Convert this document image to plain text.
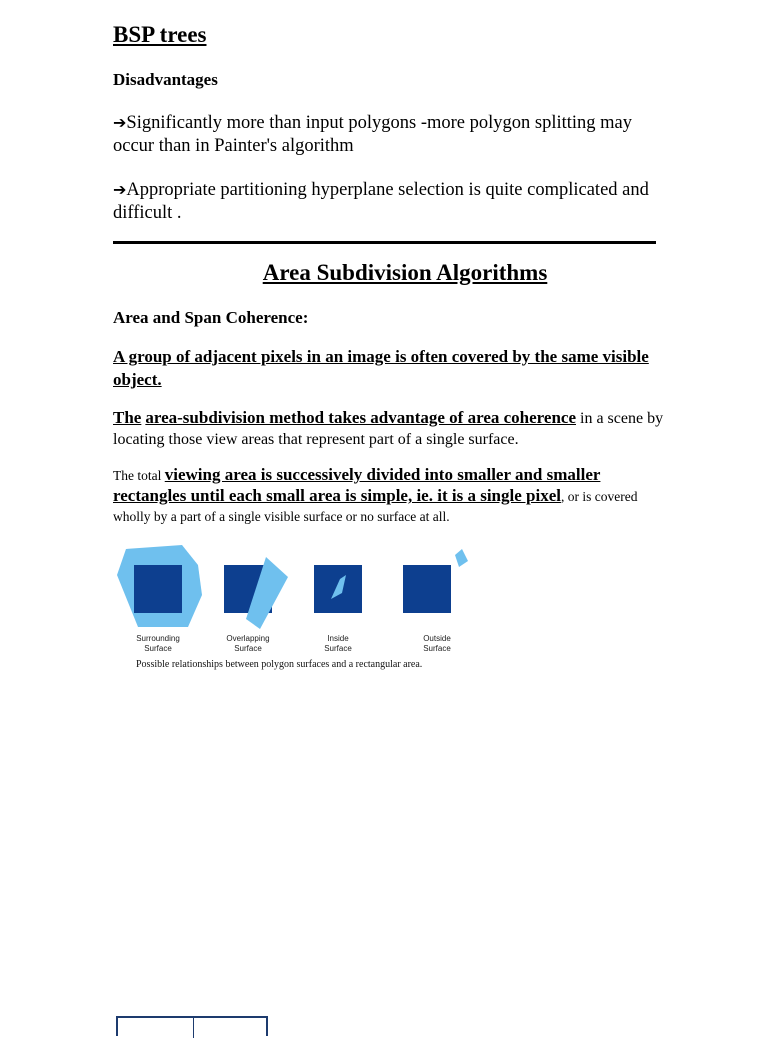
BSP trees
Disadvantages
➔Significantly more than input polygons -more polygon splitting may occur than in Painter's algorithm
➔Appropriate partitioning hyperplane selection is quite complicated and difficult .
Area Subdivision Algorithms
Area and Span Coherence:
A group of adjacent pixels in an image is often covered by the same visible object.
The area-subdivision method takes advantage of area coherence in a scene by locating those view areas that represent part of a single surface.
The total viewing area is successively divided into smaller and smaller rectangles until each small area is simple, ie. it is a single pixel, or is covered wholly by a part of a single visible surface or no surface at all.
Surrounding
Surface
Overlapping
Surface
Inside
Surface
Outside
Surface
Possible relationships between polygon surfaces and a rectangular area.
